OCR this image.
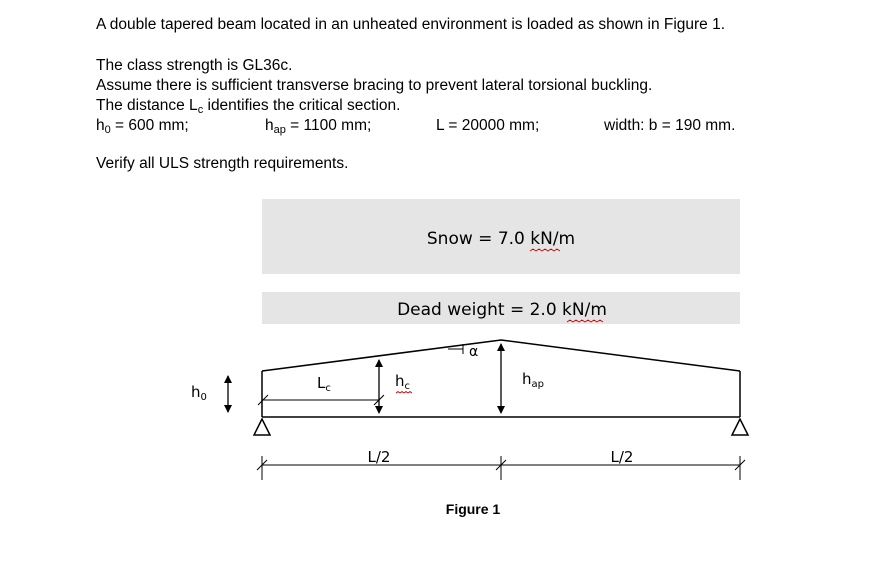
A double tapered beam located in an unheated environment is loaded as shown in Figure 1.

The class strength is GL36c.

Assume there is sufficient transverse bracing to prevent lateral torsional buckling.

The distance $L_c$ identifies the critical section.

$h_0 = 600$ mm;	$h_{ap} = 1100$ mm;	L = 20000 mm;	width: b = 190 mm.

Verify all ULS strength requirements.

Snow = 7.0 kN/m
Dead weight = 2.0 kN/m
α
$h_{ap}$
$h_c$
$L_c$
$h_0$
L/2	L/2
Figure 1
